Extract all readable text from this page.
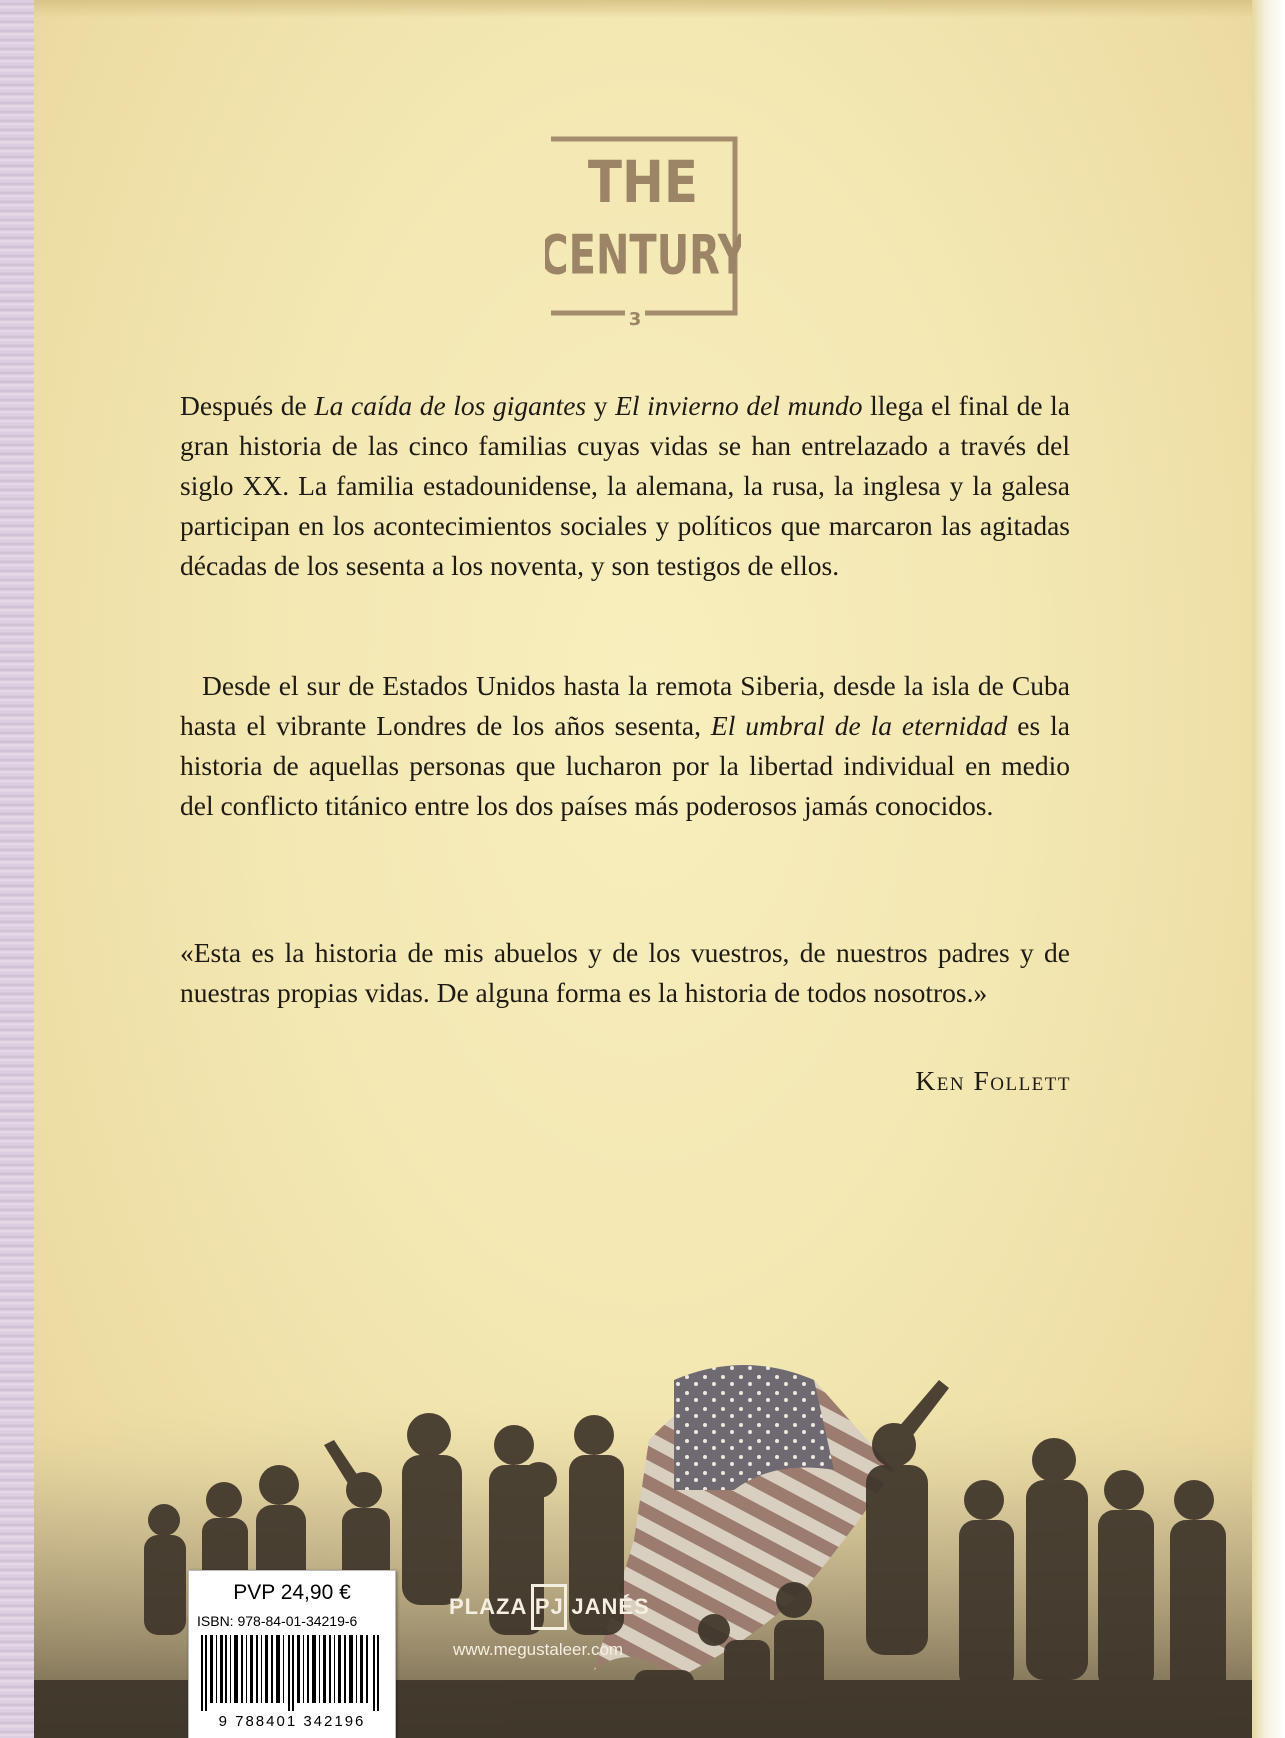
THE
CENTURY
3

Después de La caída de los gigantes y El invierno del mundo llega el final de la gran historia de las cinco familias cuyas vidas se han entrelazado a través del siglo XX. La familia estadounidense, la alemana, la rusa, la inglesa y la galesa participan en los acontecimientos sociales y políticos que marcaron las agitadas décadas de los sesenta a los noventa, y son testigos de ellos.

Desde el sur de Estados Unidos hasta la remota Siberia, desde la isla de Cuba hasta el vibrante Londres de los años sesenta, El umbral de la eternidad es la historia de aquellas personas que lucharon por la libertad individual en medio del conflicto titánico entre los dos países más poderosos jamás conocidos.

«Esta es la historia de mis abuelos y de los vuestros, de nuestros padres y de nuestras propias vidas. De alguna forma es la historia de todos nosotros.»

Ken Follett
PVP 24,90 €
ISBN: 978-84-01-34219-6
9 788401 342196
PLAZA PJ JANÉS
www.megustaleer.com
